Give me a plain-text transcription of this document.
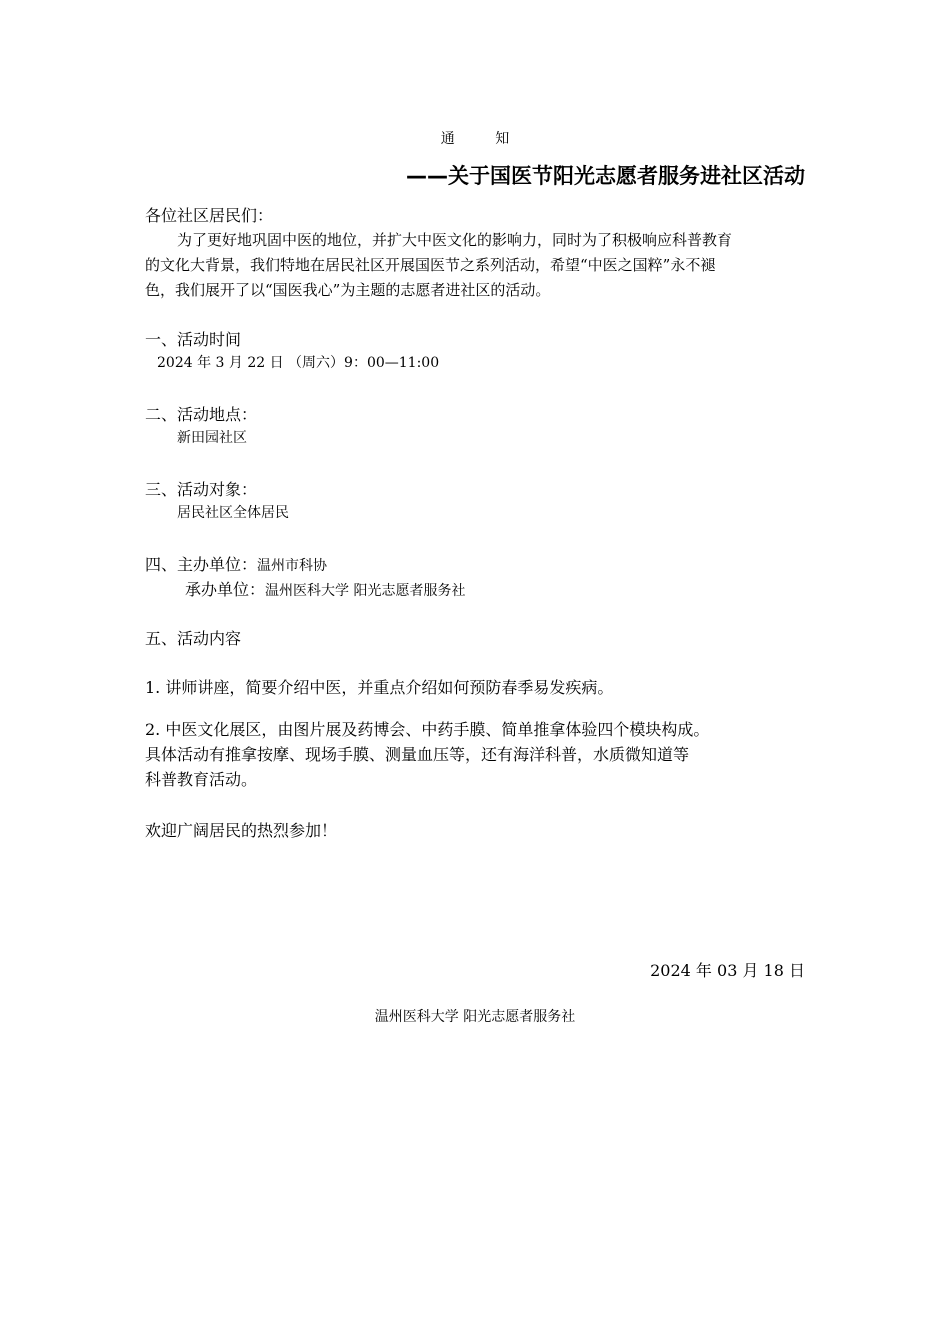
通 知
——关于国医节阳光志愿者服务进社区活动
各位社区居民们：

为了更好地巩固中医的地位，并扩大中医文化的影响力，同时为了积极响应科普教育

的文化大背景，我们特地在居民社区开展国医节之系列活动，希望“中医之国粹”永不褪

色，我们展开了以“国医我心”为主题的志愿者进社区的活动。

一、活动时间
2024 年 3 月 22 日 （周六）9：00—11:00
二、活动地点：
新田园社区
三、活动对象：
居民社区全体居民
四、主办单位：温州市科协
承办单位：温州医科大学 阳光志愿者服务社
五、活动内容
1. 讲师讲座，简要介绍中医，并重点介绍如何预防春季易发疾病。

2. 中医文化展区，由图片展及药博会、中药手膜、简单推拿体验四个模块构成。

具体活动有推拿按摩、现场手膜、测量血压等，还有海洋科普，水质微知道等

科普教育活动。

欢迎广阔居民的热烈参加！
2024 年 03 月 18 日
温州医科大学 阳光志愿者服务社
